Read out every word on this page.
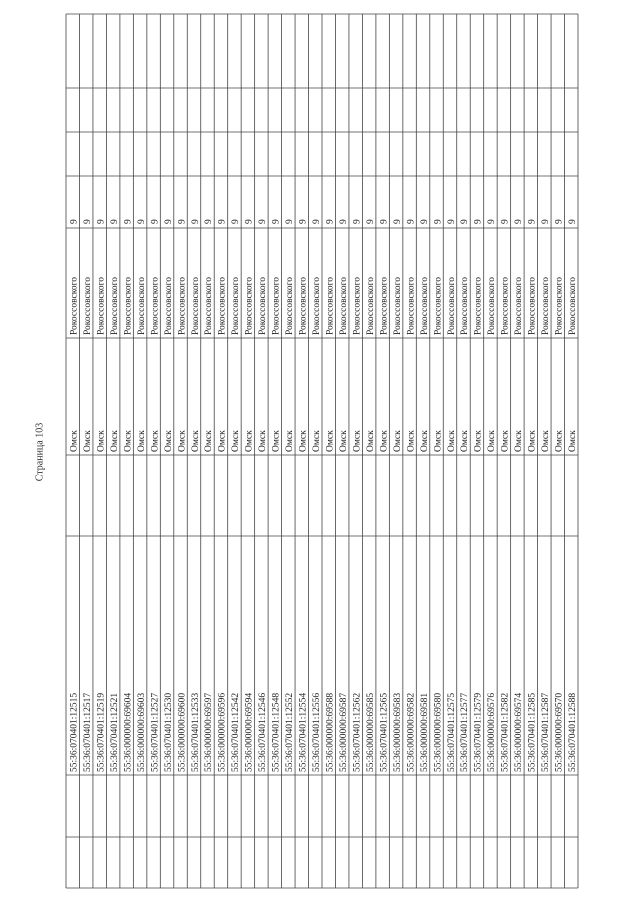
Страница 103
55:36:070401:12515
Омск
Рокоссовского
9
55:36:070401:12517
Омск
Рокоссовского
9
55:36:070401:12519
Омск
Рокоссовского
9
55:36:070401:12521
Омск
Рокоссовского
9
55:36:000000:69604
Омск
Рокоссовского
9
55:36:000000:69603
Омск
Рокоссовского
9
55:36:070401:12527
Омск
Рокоссовского
9
55:36:070401:12530
Омск
Рокоссовского
9
55:36:000000:69600
Омск
Рокоссовского
9
55:36:070401:12533
Омск
Рокоссовского
9
55:36:000000:69597
Омск
Рокоссовского
9
55:36:000000:69596
Омск
Рокоссовского
9
55:36:070401:12542
Омск
Рокоссовского
9
55:36:000000:69594
Омск
Рокоссовского
9
55:36:070401:12546
Омск
Рокоссовского
9
55:36:070401:12548
Омск
Рокоссовского
9
55:36:070401:12552
Омск
Рокоссовского
9
55:36:070401:12554
Омск
Рокоссовского
9
55:36:070401:12556
Омск
Рокоссовского
9
55:36:000000:69588
Омск
Рокоссовского
9
55:36:000000:69587
Омск
Рокоссовского
9
55:36:070401:12562
Омск
Рокоссовского
9
55:36:000000:69585
Омск
Рокоссовского
9
55:36:070401:12565
Омск
Рокоссовского
9
55:36:000000:69583
Омск
Рокоссовского
9
55:36:000000:69582
Омск
Рокоссовского
9
55:36:000000:69581
Омск
Рокоссовского
9
55:36:000000:69580
Омск
Рокоссовского
9
55:36:070401:12575
Омск
Рокоссовского
9
55:36:070401:12577
Омск
Рокоссовского
9
55:36:070401:12579
Омск
Рокоссовского
9
55:36:000000:69576
Омск
Рокоссовского
9
55:36:070401:12582
Омск
Рокоссовского
9
55:36:000000:69574
Омск
Рокоссовского
9
55:36:070401:12585
Омск
Рокоссовского
9
55:36:070401:12587
Омск
Рокоссовского
9
55:36:000000:69570
Омск
Рокоссовского
9
55:36:070401:12588
Омск
Рокоссовского
9
